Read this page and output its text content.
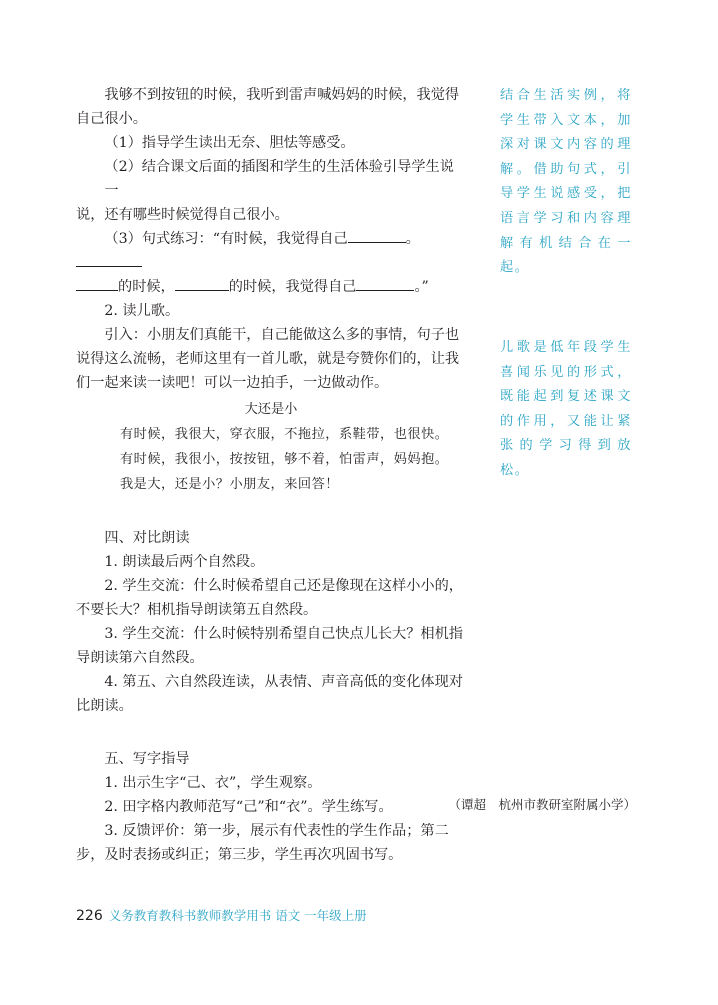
我够不到按钮的时候，我听到雷声喊妈妈的时候，我觉得

自己很小。

（1）指导学生读出无奈、胆怯等感受。

（2）结合课文后面的插图和学生的生活体验引导学生说一
说，还有哪些时候觉得自己很小。

（3）句式练习：“有时候，我觉得自己	。

的时候，	的时候，我觉得自己	。”

2. 读儿歌。

引入：小朋友们真能干，自己能做这么多的事情，句子也说得这么流畅，老师这里有一首儿歌，就是夸赞你们的，让我们一起来读一读吧！可以一边拍手，一边做动作。

大还是小

有时候，我很大，穿衣服，不拖拉，系鞋带，也很快。

有时候，我很小，按按钮，够不着，怕雷声，妈妈抱。

我是大，还是小？小朋友，来回答！

四、对比朗读

1. 朗读最后两个自然段。

2. 学生交流：什么时候希望自己还是像现在这样小小的，不要长大？相机指导朗读第五自然段。

3. 学生交流：什么时候特别希望自己快点儿长大？相机指导朗读第六自然段。

4. 第五、六自然段连读，从表情、声音高低的变化体现对比朗读。

五、写字指导

1. 出示生字“己、衣”，学生观察。

2. 田字格内教师范写“己”和“衣”。学生练写。

3. 反馈评价：第一步，展示有代表性的学生作品；第二步，及时表扬或纠正；第三步，学生再次巩固书写。

（谭超　杭州市教研室附属小学）

结合生活实例，将学生带入文本，加深对课文内容的理解。借助句式，引导学生说感受，把语言学习和内容理解有机结合在一起。

儿歌是低年段学生喜闻乐见的形式，既能起到复述课文的作用，又能让紧张的学习得到放松。

226 义务教育教科书教师教学用书 语文 一年级上册
